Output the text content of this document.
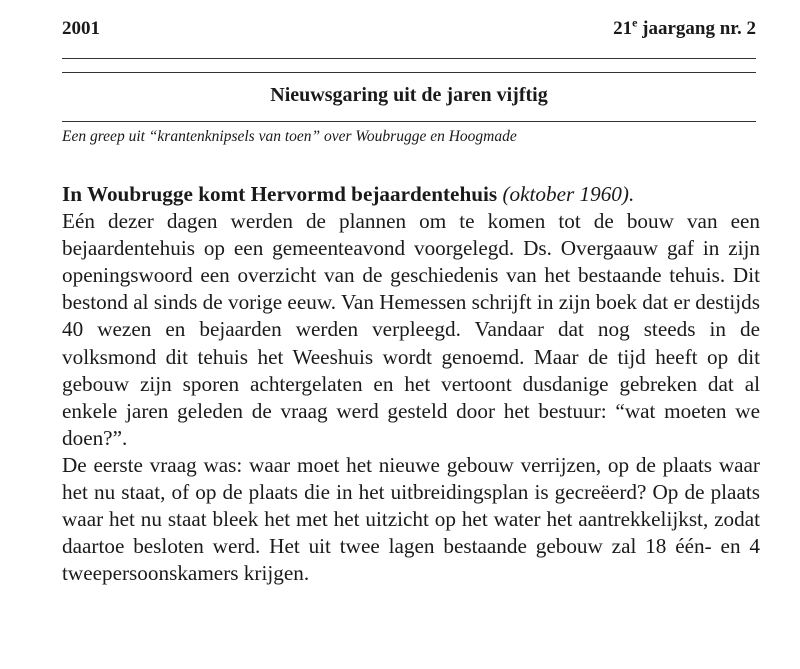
2001	21e jaargang nr. 2
Nieuwsgaring uit de jaren vijftig
Een greep uit “krantenknipsels van toen” over Woubrugge en Hoogmade

In Woubrugge komt Hervormd bejaardentehuis (oktober 1960).
Eén dezer dagen werden de plannen om te komen tot de bouw van een bejaardentehuis op een gemeenteavond voorgelegd. Ds. Overgaauw gaf in zijn openingswoord een overzicht van de geschiedenis van het bestaande tehuis. Dit bestond al sinds de vorige eeuw. Van Hemessen schrijft in zijn boek dat er destijds 40 wezen en bejaarden werden verpleegd. Vandaar dat nog steeds in de volksmond dit tehuis het Weeshuis wordt genoemd. Maar de tijd heeft op dit gebouw zijn sporen achtergelaten en het vertoont dusdanige gebreken dat al enkele jaren geleden de vraag werd gesteld door het bestuur: “wat moeten we doen?”.

De eerste vraag was: waar moet het nieuwe gebouw verrijzen, op de plaats waar het nu staat, of op de plaats die in het uitbreidingsplan is gecreëerd? Op de plaats waar het nu staat bleek het met het uitzicht op het water het aantrekkelijkst, zodat daartoe besloten werd. Het uit twee lagen bestaande gebouw zal 18 één- en 4 tweepersoonskamers krijgen.
